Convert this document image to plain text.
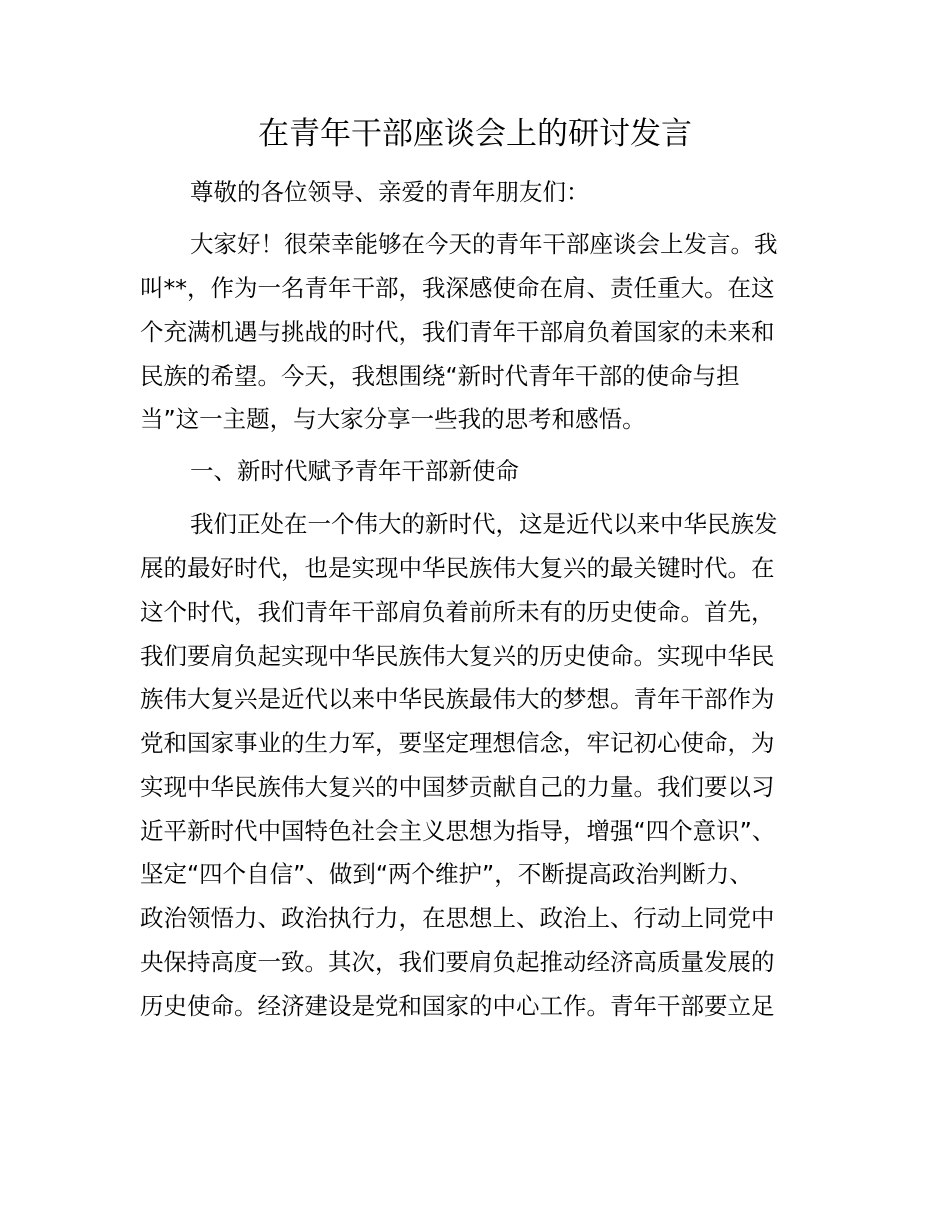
在青年干部座谈会上的研讨发言

尊敬的各位领导、亲爱的青年朋友们：

大家好！很荣幸能够在今天的青年干部座谈会上发言。我

叫**，作为一名青年干部，我深感使命在肩、责任重大。在这

个充满机遇与挑战的时代，我们青年干部肩负着国家的未来和

民族的希望。今天，我想围绕“新时代青年干部的使命与担

当”这一主题，与大家分享一些我的思考和感悟。

一、新时代赋予青年干部新使命

我们正处在一个伟大的新时代，这是近代以来中华民族发

展的最好时代，也是实现中华民族伟大复兴的最关键时代。在

这个时代，我们青年干部肩负着前所未有的历史使命。首先，

我们要肩负起实现中华民族伟大复兴的历史使命。实现中华民

族伟大复兴是近代以来中华民族最伟大的梦想。青年干部作为

党和国家事业的生力军，要坚定理想信念，牢记初心使命，为

实现中华民族伟大复兴的中国梦贡献自己的力量。我们要以习

近平新时代中国特色社会主义思想为指导，增强“四个意识”、

坚定“四个自信”、做到“两个维护”，不断提高政治判断力、

政治领悟力、政治执行力，在思想上、政治上、行动上同党中

央保持高度一致。其次，我们要肩负起推动经济高质量发展的

历史使命。经济建设是党和国家的中心工作。青年干部要立足
